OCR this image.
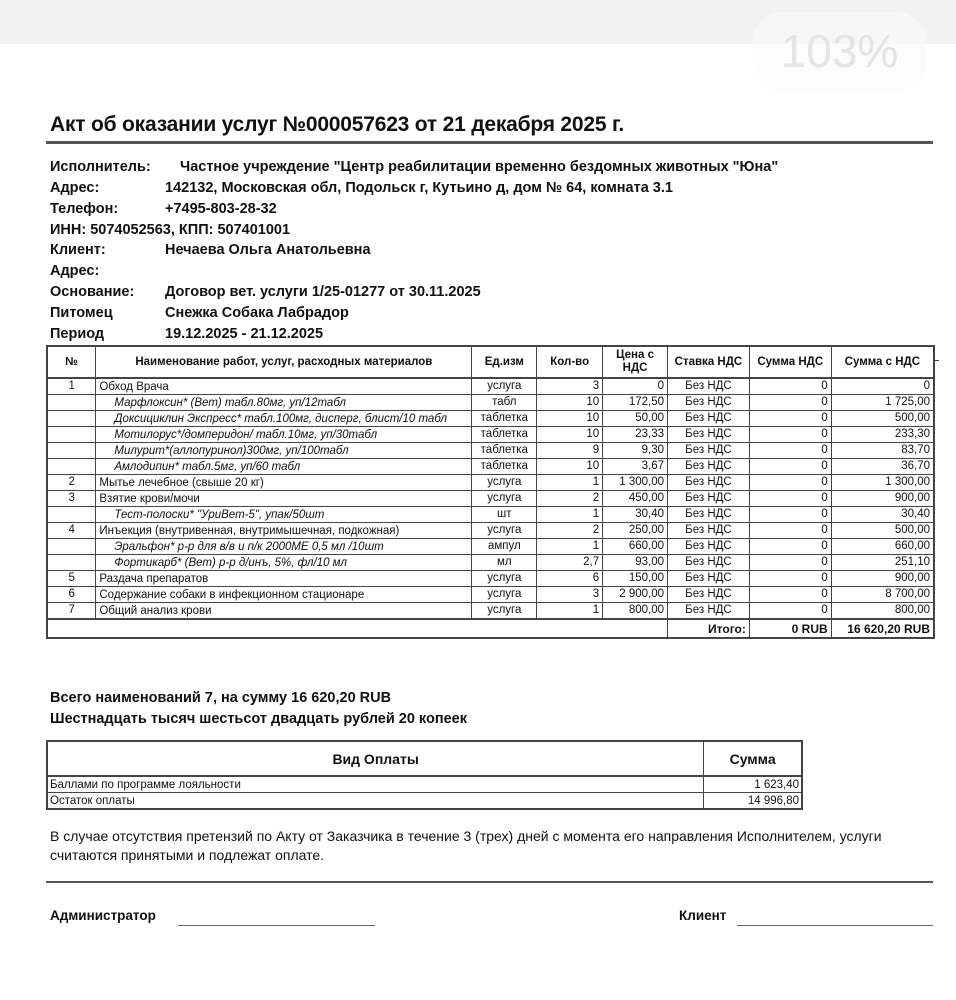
103%
Акт об оказании услуг №000057623 от 21 декабря 2025 г.
Исполнитель: Частное учреждение "Центр реабилитации временно бездомных животных "Юна"
Адрес:	142132, Московская обл, Подольск г, Кутьино д, дом № 64, комната 3.1
Телефон:	+7495-803-28-32
ИНН: 5074052563, КПП: 507401001
Клиент:	Нечаева Ольга Анатольевна
Адрес:
Основание: Договор вет. услуги 1/25-01277 от 30.11.2025
Питомец	Снежка Собака Лабрадор
Период	19.12.2025 - 21.12.2025
№	Наименование работ, услуг, расходных материалов	Ед.изм	Кол-во	Цена с НДС	Ставка НДС	Сумма НДС	Сумма с НДС
1	Обход Врача	услуга	3	0	Без НДС	0	0
	Марфлоксин* (Вет) табл.80мг, уп/12табл	табл	10	172,50	Без НДС	0	1 725,00
	Доксициклин Экспресс* табл.100мг, дисперг, блист/10 табл	таблетка	10	50,00	Без НДС	0	500,00
	Мотилорус*/домперидон/ табл.10мг, уп/30табл	таблетка	10	23,33	Без НДС	0	233,30
	Милурит*(аллопуринол)300мг, уп/100табл	таблетка	9	9,30	Без НДС	0	83,70
	Амлодипин* табл.5мг, уп/60 табл	таблетка	10	3,67	Без НДС	0	36,70
2	Мытье лечебное (свыше 20 кг)	услуга	1	1 300,00	Без НДС	0	1 300,00
3	Взятие крови/мочи	услуга	2	450,00	Без НДС	0	900,00
	Тест-полоски* "УриВет-5", упак/50шт	шт	1	30,40	Без НДС	0	30,40
4	Инъекция (внутривенная, внутримышечная, подкожная)	услуга	2	250,00	Без НДС	0	500,00
	Эральфон* р-р для в/в и п/к 2000МЕ 0,5 мл /10шт	ампул	1	660,00	Без НДС	0	660,00
	Фортикарб* (Вет) р-р д/инъ, 5%, фл/10 мл	мл	2,7	93,00	Без НДС	0	251,10
5	Раздача препаратов	услуга	6	150,00	Без НДС	0	900,00
6	Содержание собаки в инфекционном стационаре	услуга	3	2 900,00	Без НДС	0	8 700,00
7	Общий анализ крови	услуга	1	800,00	Без НДС	0	800,00
					Итого:	0 RUB	16 620,20 RUB
Всего наименований 7, на сумму 16 620,20 RUB
Шестнадцать тысяч шестьсот двадцать рублей 20 копеек
Вид Оплаты	Сумма
Баллами по программе лояльности	1 623,40
Остаток оплаты	14 996,80
В случае отсутствия претензий по Акту от Заказчика в течение 3 (трех) дней с момента его направления Исполнителем, услуги считаются принятыми и подлежат оплате.
Администратор	Клиент
